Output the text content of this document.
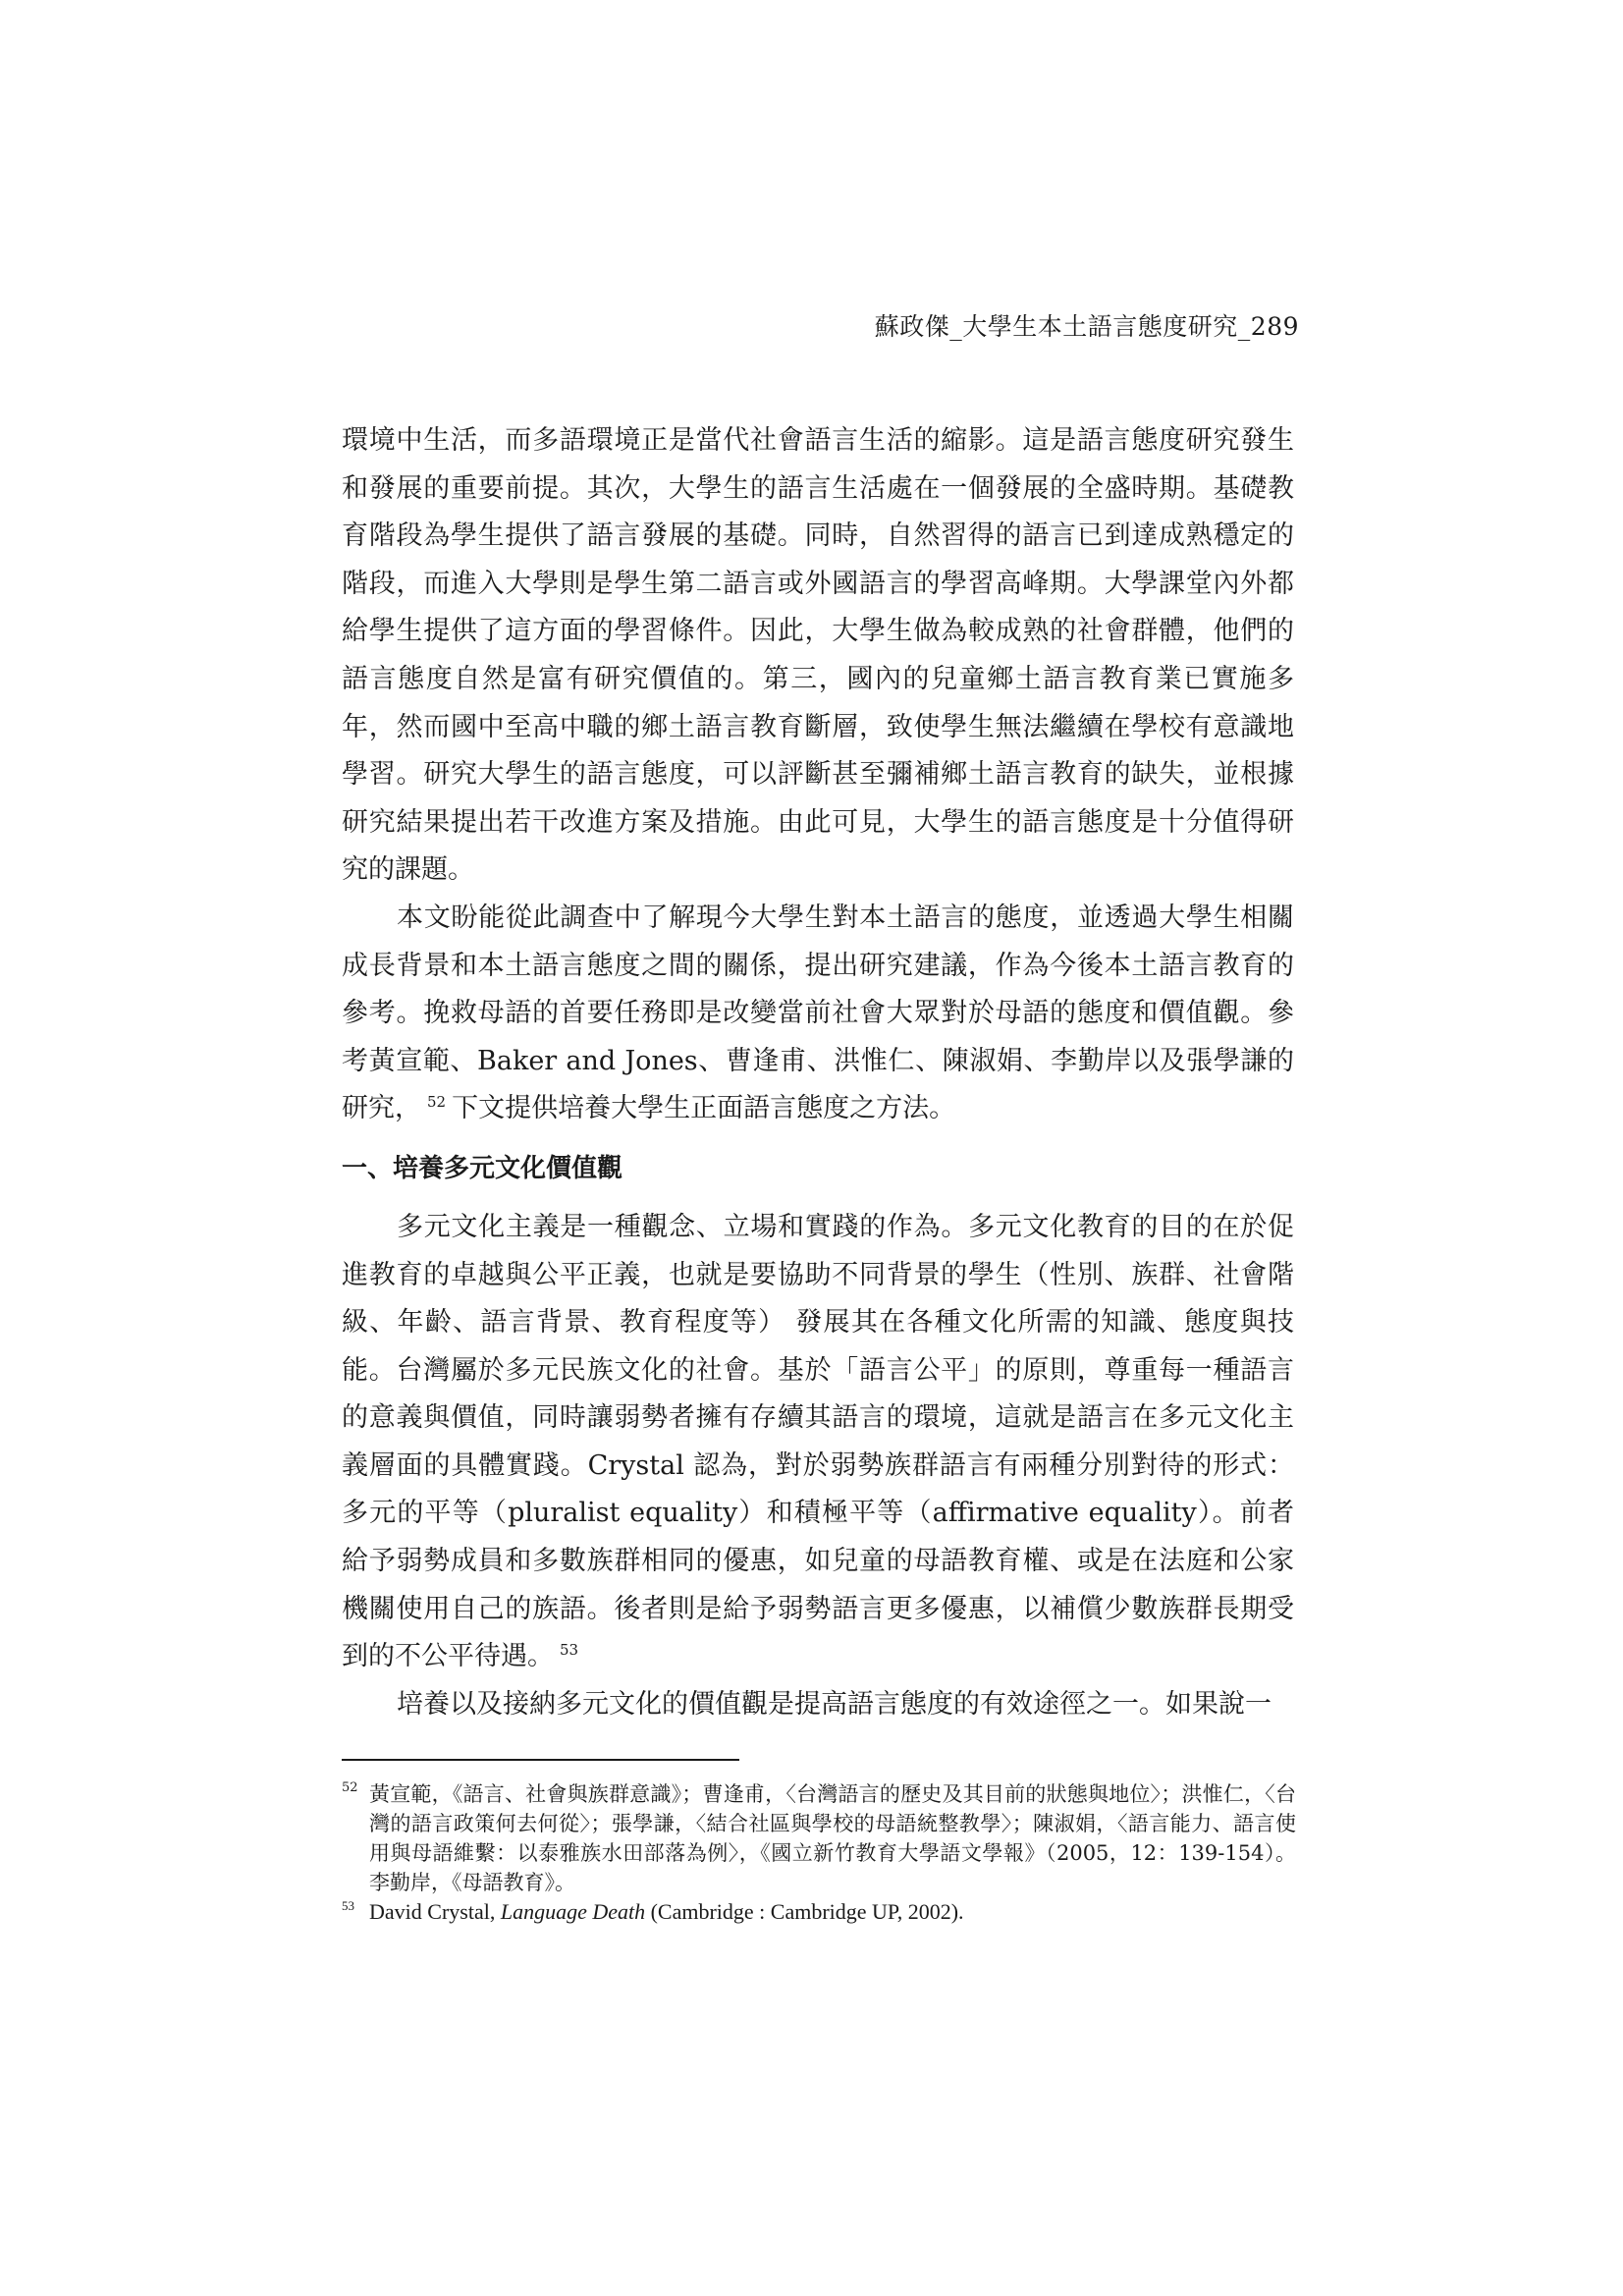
蘇政傑_大學生本土語言態度研究_289

環境中生活，而多語環境正是當代社會語言生活的縮影。這是語言態度研究發生和發展的重要前提。其次，大學生的語言生活處在一個發展的全盛時期。基礎教育階段為學生提供了語言發展的基礎。同時，自然習得的語言已到達成熟穩定的階段，而進入大學則是學生第二語言或外國語言的學習高峰期。大學課堂內外都給學生提供了這方面的學習條件。因此，大學生做為較成熟的社會群體，他們的語言態度自然是富有研究價值的。第三，國內的兒童鄉土語言教育業已實施多年，然而國中至高中職的鄉土語言教育斷層，致使學生無法繼續在學校有意識地學習。研究大學生的語言態度，可以評斷甚至彌補鄉土語言教育的缺失，並根據研究結果提出若干改進方案及措施。由此可見，大學生的語言態度是十分值得研究的課題。

本文盼能從此調查中了解現今大學生對本土語言的態度，並透過大學生相關成長背景和本土語言態度之間的關係，提出研究建議，作為今後本土語言教育的參考。挽救母語的首要任務即是改變當前社會大眾對於母語的態度和價值觀。參考黃宣範、Baker and Jones、曹逢甫、洪惟仁、陳淑娟、李勤岸以及張學謙的研究， $^{52}$ 下文提供培養大學生正面語言態度之方法。

一、培養多元文化價值觀

多元文化主義是一種觀念、立場和實踐的作為。多元文化教育的目的在於促進教育的卓越與公平正義，也就是要協助不同背景的學生（性別、族群、社會階級、年齡、語言背景、教育程度等） 發展其在各種文化所需的知識、態度與技能。台灣屬於多元民族文化的社會。基於「語言公平」的原則，尊重每一種語言的意義與價值，同時讓弱勢者擁有存續其語言的環境，這就是語言在多元文化主義層面的具體實踐。Crystal 認為，對於弱勢族群語言有兩種分別對待的形式：多元的平等（pluralist equality）和積極平等（affirmative equality）。前者給予弱勢成員和多數族群相同的優惠，如兒童的母語教育權、或是在法庭和公家機關使用自己的族語。後者則是給予弱勢語言更多優惠，以補償少數族群長期受到的不公平待遇。 $^{53}$

培養以及接納多元文化的價值觀是提高語言態度的有效途徑之一。如果說一

52 黃宣範，《語言、社會與族群意識》；曹逢甫，〈台灣語言的歷史及其目前的狀態與地位〉；洪惟仁，〈台灣的語言政策何去何從〉；張學謙，〈結合社區與學校的母語統整教學〉；陳淑娟，〈語言能力、語言使用與母語維繫：以泰雅族水田部落為例〉，《國立新竹教育大學語文學報》（2005，12：139-154）。李勤岸，《母語教育》。

53 David Crystal, Language Death (Cambridge : Cambridge UP, 2002).
